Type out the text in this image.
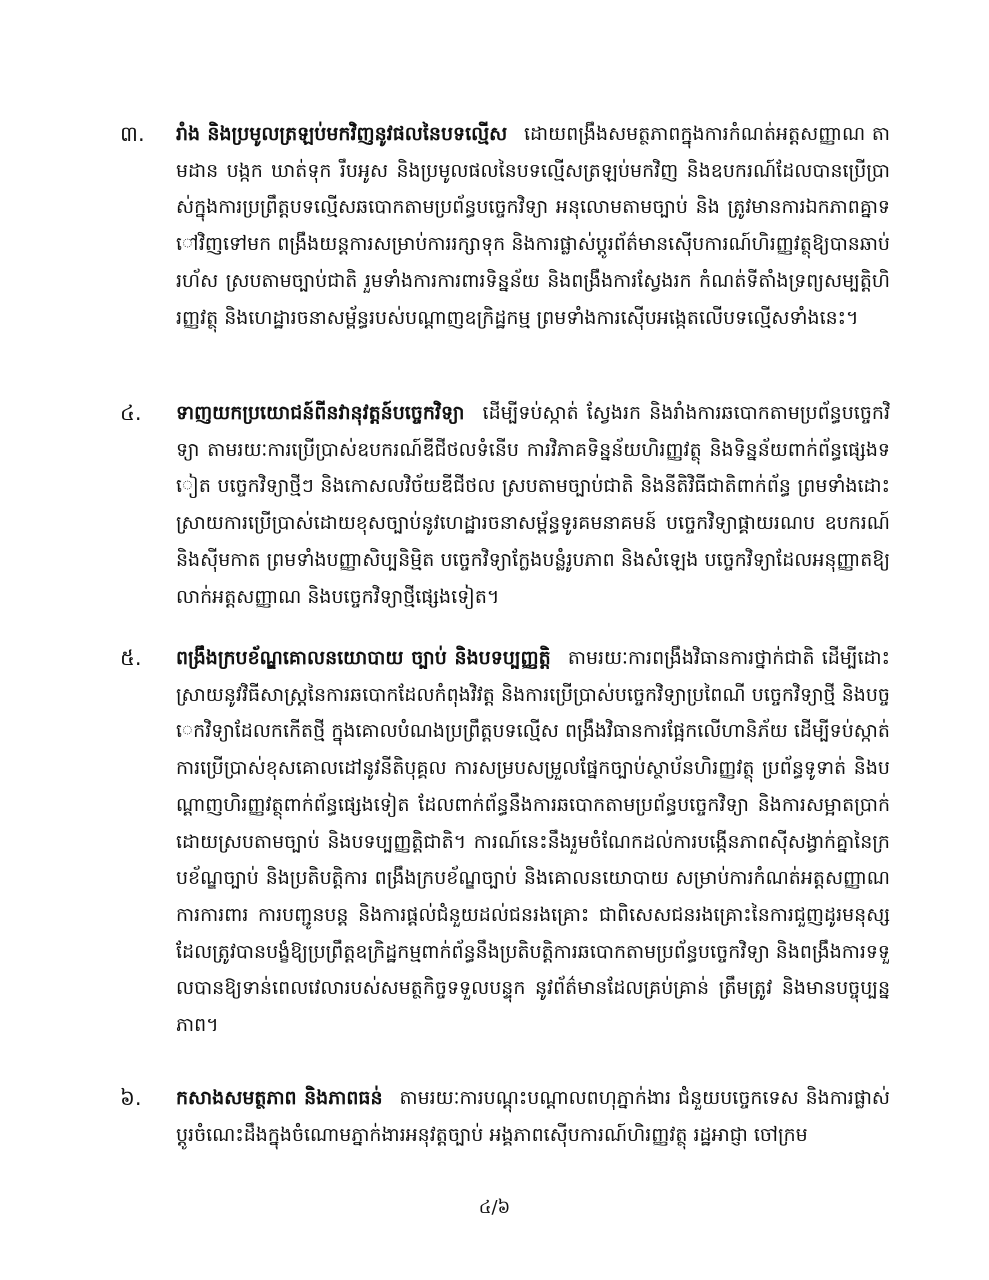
៣.	រាំង និងប្រមូលត្រឡប់មកវិញនូវផលនៃបទល្មើស ដោយពង្រឹងសមត្ថភាពក្នុងការកំណត់អត្តសញ្ញាណ តាមដាន បង្កក ឃាត់ទុក រឹបអូស និងប្រមូលផលនៃបទល្មើសត្រឡប់មកវិញ និងឧបករណ៍ដែលបានប្រើប្រាស់ក្នុងការប្រព្រឹត្តបទល្មើសឆបោកតាមប្រព័ន្ធបច្ចេកវិទ្យា អនុលោមតាមច្បាប់ និង ត្រូវមានការឯកភាពគ្នាទៅវិញទៅមក ពង្រឹងយន្តការសម្រាប់ការរក្សាទុក និងការផ្លាស់ប្តូរព័ត៌មានស៊ើបការណ៍ហិរញ្ញវត្ថុឱ្យបានឆាប់រហ័ស ស្របតាមច្បាប់ជាតិ រួមទាំងការការពារទិន្នន័យ និងពង្រឹងការស្វែងរក កំណត់ទីតាំងទ្រព្យសម្បត្តិហិរញ្ញវត្ថុ និងហេដ្ឋារចនាសម្ព័ន្ធរបស់បណ្តាញឧក្រិដ្ឋកម្ម ព្រមទាំងការស៊ើបអង្កេតលើបទល្មើសទាំងនេះ។
៤.	ទាញយកប្រយោជន៍ពីនវានុវត្តន៍បច្ចេកវិទ្យា ដើម្បីទប់ស្កាត់ ស្វែងរក និងរាំងការឆបោកតាមប្រព័ន្ធបច្ចេកវិទ្យា តាមរយៈការប្រើប្រាស់ឧបករណ៍ឌីជីថលទំនើប ការវិភាគទិន្នន័យហិរញ្ញវត្ថុ និងទិន្នន័យពាក់ព័ន្ធផ្សេងទៀត បច្ចេកវិទ្យាថ្មីៗ និងកោសលវិច័យឌីជីថល ស្របតាមច្បាប់ជាតិ និងនីតិវិធីជាតិពាក់ព័ន្ធ ព្រមទាំងដោះស្រាយការប្រើប្រាស់ដោយខុសច្បាប់នូវហេដ្ឋារចនាសម្ព័ន្ធទូរគមនាគមន៍ បច្ចេកវិទ្យាផ្គាយរណប ឧបករណ៍ និងស៊ីមកាត ព្រមទាំងបញ្ញាសិប្បនិម្មិត បច្ចេកវិទ្យាក្លែងបន្លំរូបភាព និងសំឡេង បច្ចេកវិទ្យាដែលអនុញ្ញាតឱ្យលាក់អត្តសញ្ញាណ និងបច្ចេកវិទ្យាថ្មីផ្សេងទៀត។
៥.	ពង្រឹងក្របខ័ណ្ឌគោលនយោបាយ ច្បាប់ និងបទប្បញ្ញត្តិ តាមរយៈការពង្រឹងវិធានការថ្នាក់ជាតិ ដើម្បីដោះស្រាយនូវវិធីសាស្ត្រនៃការឆបោកដែលកំពុងវិវត្ត និងការប្រើប្រាស់បច្ចេកវិទ្យាប្រពៃណី បច្ចេកវិទ្យាថ្មី និងបច្ចេកវិទ្យាដែលកកើតថ្មី ក្នុងគោលបំណងប្រព្រឹត្តបទល្មើស ពង្រឹងវិធានការផ្អែកលើហានិភ័យ ដើម្បីទប់ស្កាត់ការប្រើប្រាស់ខុសគោលដៅនូវនីតិបុគ្គល ការសម្របសម្រួលផ្នែកច្បាប់ស្ថាប័នហិរញ្ញវត្ថុ ប្រព័ន្ធទូទាត់ និងបណ្តាញហិរញ្ញវត្ថុពាក់ព័ន្ធផ្សេងទៀត ដែលពាក់ព័ន្ធនឹងការឆបោកតាមប្រព័ន្ធបច្ចេកវិទ្យា និងការសម្អាតប្រាក់ ដោយស្របតាមច្បាប់ និងបទប្បញ្ញត្តិជាតិ។ ការណ៍នេះនឹងរួមចំណែកដល់ការបង្កើនភាពស៊ីសង្វាក់គ្នានៃក្របខ័ណ្ឌច្បាប់ និងប្រតិបត្តិការ ពង្រឹងក្របខ័ណ្ឌច្បាប់ និងគោលនយោបាយ សម្រាប់ការកំណត់អត្តសញ្ញាណ ការការពារ ការបញ្ជូនបន្ត និងការផ្តល់ជំនួយដល់ជនរងគ្រោះ ជាពិសេសជនរងគ្រោះនៃការជួញដូរមនុស្សដែលត្រូវបានបង្ខំឱ្យប្រព្រឹត្តឧក្រិដ្ឋកម្មពាក់ព័ន្ធនឹងប្រតិបត្តិការឆបោកតាមប្រព័ន្ធបច្ចេកវិទ្យា និងពង្រឹងការទទួលបានឱ្យទាន់ពេលវេលារបស់សមត្ថកិច្ចទទួលបន្ទុក នូវព័ត៌មានដែលគ្រប់គ្រាន់ ត្រឹមត្រូវ និងមានបច្ចុប្បន្នភាព។
៦.	កសាងសមត្ថភាព និងភាពធន់ តាមរយៈការបណ្តុះបណ្តាលពហុភ្នាក់ងារ ជំនួយបច្ចេកទេស និងការផ្លាស់ប្តូរចំណេះដឹងក្នុងចំណោមភ្នាក់ងារអនុវត្តច្បាប់ អង្គភាពស៊ើបការណ៍ហិរញ្ញវត្ថុ រដ្ឋអាជ្ញា ចៅក្រម
៤/៦
